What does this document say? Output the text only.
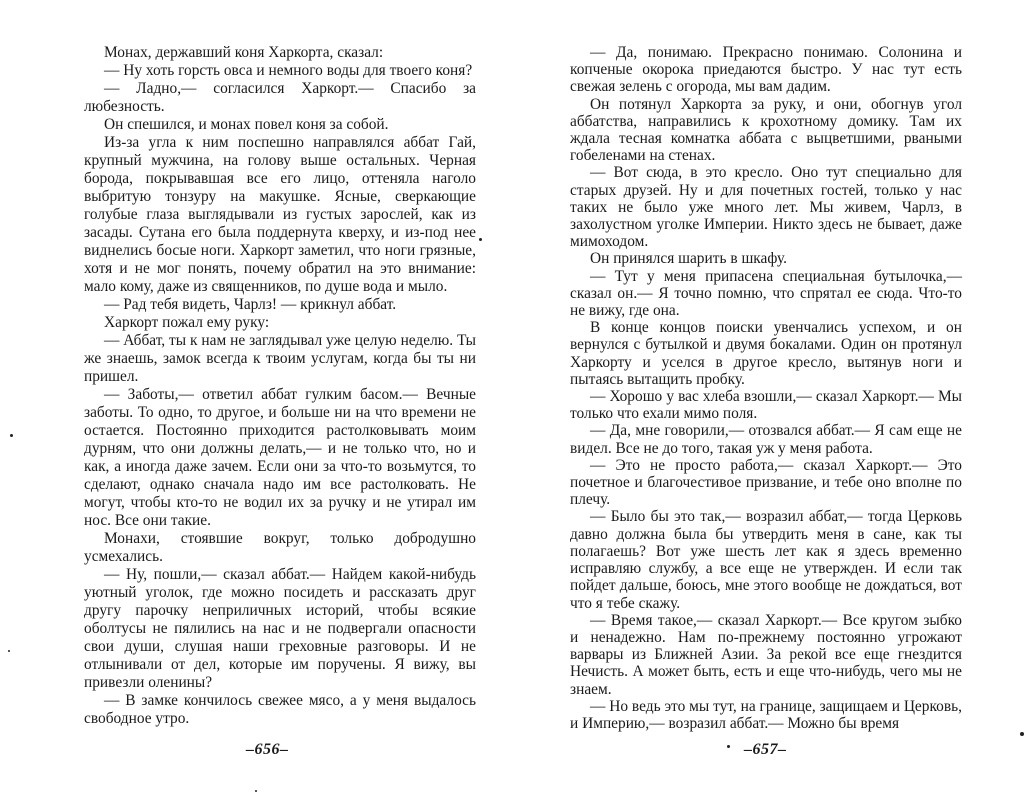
Монах, державший коня Харкорта, сказал:

— Ну хоть горсть овса и немного воды для твоего коня?

— Ладно,— согласился Харкорт.— Спасибо за любезность.

Он спешился, и монах повел коня за собой.

Из-за угла к ним поспешно направлялся аббат Гай, крупный мужчина, на голову выше остальных. Черная борода, покрывавшая все его лицо, оттеняла наголо выбритую тонзуру на макушке. Ясные, сверкающие голубые глаза выглядывали из густых зарослей, как из засады. Сутана его была поддернута кверху, и из-под нее виднелись босые ноги. Харкорт заметил, что ноги грязные, хотя и не мог понять, почему обратил на это внимание: мало кому, даже из священников, по душе вода и мыло.

— Рад тебя видеть, Чарлз! — крикнул аббат.

Харкорт пожал ему руку:

— Аббат, ты к нам не заглядывал уже целую неделю. Ты же знаешь, замок всегда к твоим услугам, когда бы ты ни пришел.

— Заботы,— ответил аббат гулким басом.— Вечные заботы. То одно, то другое, и больше ни на что времени не остается. Постоянно приходится растолковывать моим дурням, что они должны делать,— и не только что, но и как, а иногда даже зачем. Если они за что-то возьмутся, то сделают, однако сначала надо им все растолковать. Не могут, чтобы кто-то не водил их за ручку и не утирал им нос. Все они такие.

Монахи, стоявшие вокруг, только добродушно усмехались.

— Ну, пошли,— сказал аббат.— Найдем какой-нибудь уютный уголок, где можно посидеть и рассказать друг другу парочку неприличных историй, чтобы всякие оболтусы не пялились на нас и не подвергали опасности свои души, слушая наши греховные разговоры. И не отлынивали от дел, которые им поручены. Я вижу, вы привезли оленины?

— В замке кончилось свежее мясо, а у меня выдалось свободное утро.

— Да, понимаю. Прекрасно понимаю. Солонина и копченые окорока приедаются быстро. У нас тут есть свежая зелень с огорода, мы вам дадим.

Он потянул Харкорта за руку, и они, обогнув угол аббатства, направились к крохотному домику. Там их ждала тесная комнатка аббата с выцветшими, рваными гобеленами на стенах.

— Вот сюда, в это кресло. Оно тут специально для старых друзей. Ну и для почетных гостей, только у нас таких не было уже много лет. Мы живем, Чарлз, в захолустном уголке Империи. Никто здесь не бывает, даже мимоходом.

Он принялся шарить в шкафу.

— Тут у меня припасена специальная бутылочка,— сказал он.— Я точно помню, что спрятал ее сюда. Что-то не вижу, где она.

В конце концов поиски увенчались успехом, и он вернулся с бутылкой и двумя бокалами. Один он протянул Харкорту и уселся в другое кресло, вытянув ноги и пытаясь вытащить пробку.

— Хорошо у вас хлеба взошли,— сказал Харкорт.— Мы только что ехали мимо поля.

— Да, мне говорили,— отозвался аббат.— Я сам еще не видел. Все не до того, такая уж у меня работа.

— Это не просто работа,— сказал Харкорт.— Это почетное и благочестивое призвание, и тебе оно вполне по плечу.

— Было бы это так,— возразил аббат,— тогда Церковь давно должна была бы утвердить меня в сане, как ты полагаешь? Вот уже шесть лет как я здесь временно исправляю службу, а все еще не утвержден. И если так пойдет дальше, боюсь, мне этого вообще не дождаться, вот что я тебе скажу.

— Время такое,— сказал Харкорт.— Все кругом зыбко и ненадежно. Нам по-прежнему постоянно угрожают варвары из Ближней Азии. За рекой все еще гнездится Нечисть. А может быть, есть и еще что-нибудь, чего мы не знаем.

— Но ведь это мы тут, на границе, защищаем и Церковь, и Империю,— возразил аббат.— Можно бы время

–656–	–657–
